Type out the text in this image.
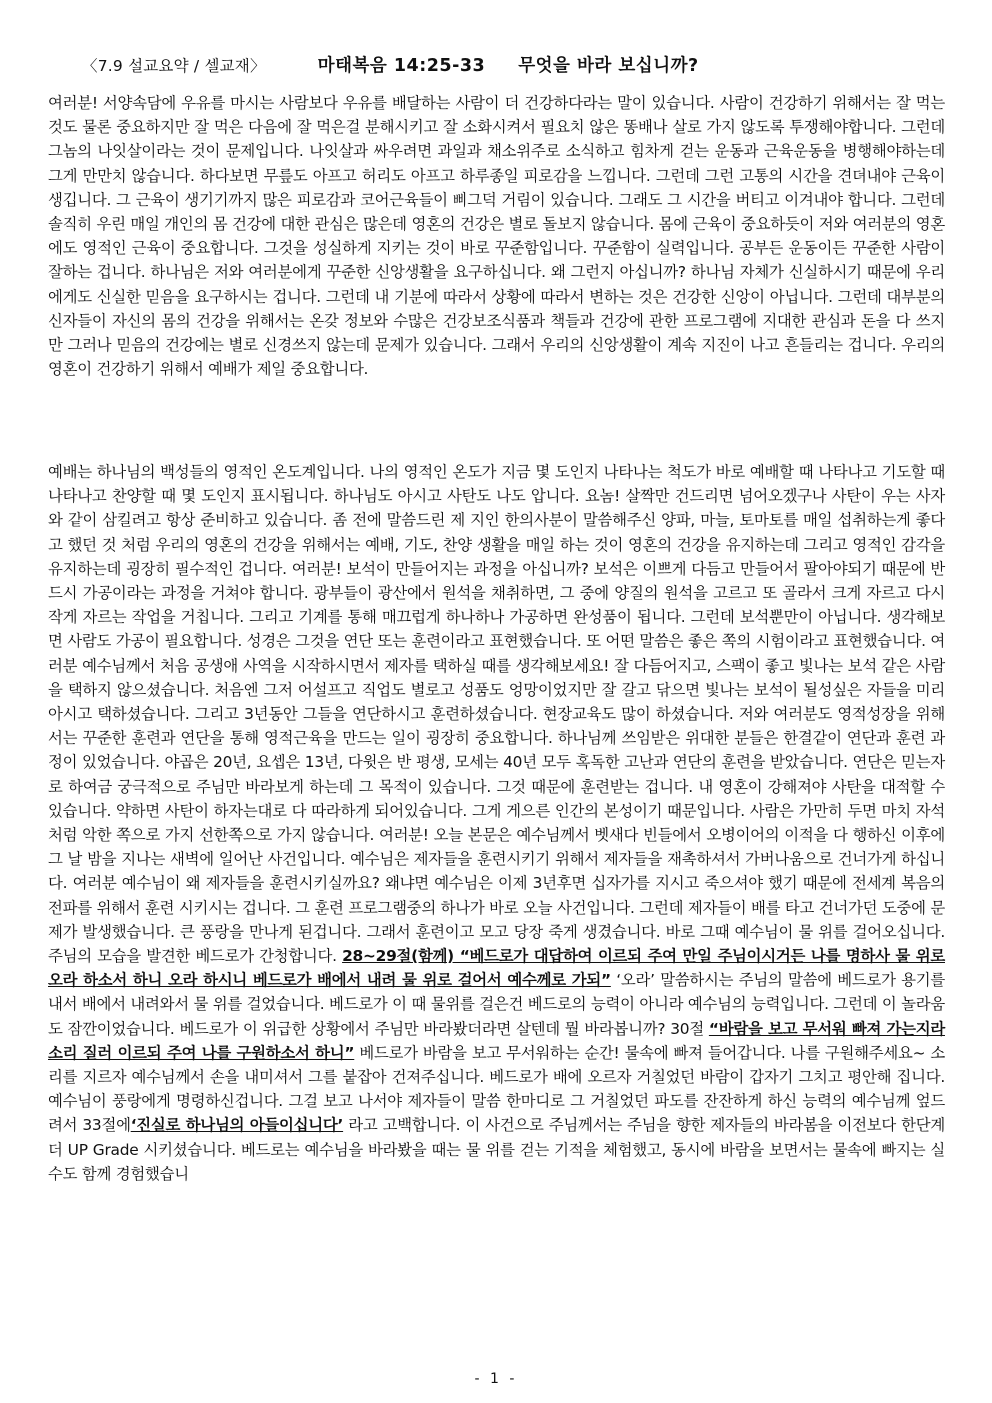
〈7.9 설교요약 / 셀교재〉	마태복음 14:25-33 무엇을 바라 보십니까?

여러분! 서양속담에 우유를 마시는 사람보다 우유를 배달하는 사람이 더 건강하다라는 말이 있습니다. 사람이 건강하기 위해서는 잘 먹는것도 물론 중요하지만 잘 먹은 다음에 잘 먹은걸 분해시키고 잘 소화시켜서 필요치 않은 똥배나 살로 가지 않도록 투쟁해야합니다. 그런데 그놈의 나잇살이라는 것이 문제입니다. 나잇살과 싸우려면 과일과 채소위주로 소식하고 힘차게 걷는 운동과 근육운동을 병행해야하는데 그게 만만치 않습니다. 하다보면 무릎도 아프고 허리도 아프고 하루종일 피로감을 느낍니다. 그런데 그런 고통의 시간을 견뎌내야 근육이 생깁니다. 그 근육이 생기기까지 많은 피로감과 코어근육들이 삐그덕 거림이 있습니다. 그래도 그 시간을 버티고 이겨내야 합니다. 그런데 솔직히 우린 매일 개인의 몸 건강에 대한 관심은 많은데 영혼의 건강은 별로 돌보지 않습니다. 몸에 근육이 중요하듯이 저와 여러분의 영혼에도 영적인 근육이 중요합니다. 그것을 성실하게 지키는 것이 바로 꾸준함입니다. 꾸준함이 실력입니다. 공부든 운동이든 꾸준한 사람이 잘하는 겁니다. 하나님은 저와 여러분에게 꾸준한 신앙생활을 요구하십니다. 왜 그런지 아십니까? 하나님 자체가 신실하시기 때문에 우리에게도 신실한 믿음을 요구하시는 겁니다. 그런데 내 기분에 따라서 상황에 따라서 변하는 것은 건강한 신앙이 아닙니다. 그런데 대부분의 신자들이 자신의 몸의 건강을 위해서는 온갖 정보와 수많은 건강보조식품과 책들과 건강에 관한 프로그램에 지대한 관심과 돈을 다 쓰지만 그러나 믿음의 건강에는 별로 신경쓰지 않는데 문제가 있습니다. 그래서 우리의 신앙생활이 계속 지진이 나고 흔들리는 겁니다. 우리의 영혼이 건강하기 위해서 예배가 제일 중요합니다.

예배는 하나님의 백성들의 영적인 온도계입니다. 나의 영적인 온도가 지금 몇 도인지 나타나는 척도가 바로 예배할 때 나타나고 기도할 때 나타나고 찬양할 때 몇 도인지 표시됩니다. 하나님도 아시고 사탄도 나도 압니다. 요놈! 살짝만 건드리면 넘어오겠구나 사탄이 우는 사자와 같이 삼킬려고 항상 준비하고 있습니다. 좀 전에 말씀드린 제 지인 한의사분이 말씀해주신 양파, 마늘, 토마토를 매일 섭취하는게 좋다고 했던 것 처럼 우리의 영혼의 건강을 위해서는 예배, 기도, 찬양 생활을 매일 하는 것이 영혼의 건강을 유지하는데 그리고 영적인 감각을 유지하는데 굉장히 필수적인 겁니다. 여러분! 보석이 만들어지는 과정을 아십니까? 보석은 이쁘게 다듬고 만들어서 팔아야되기 때문에 반드시 가공이라는 과정을 거쳐야 합니다. 광부들이 광산에서 원석을 채취하면, 그 중에 양질의 원석을 고르고 또 골라서 크게 자르고 다시 작게 자르는 작업을 거칩니다. 그리고 기계를 통해 매끄럽게 하나하나 가공하면 완성품이 됩니다. 그런데 보석뿐만이 아닙니다. 생각해보면 사람도 가공이 필요합니다. 성경은 그것을 연단 또는 훈련이라고 표현했습니다. 또 어떤 말씀은 좋은 쪽의 시험이라고 표현했습니다. 여러분 예수님께서 처음 공생애 사역을 시작하시면서 제자를 택하실 때를 생각해보세요! 잘 다듬어지고, 스팩이 좋고 빛나는 보석 같은 사람을 택하지 않으셨습니다. 처음엔 그저 어설프고 직업도 별로고 성품도 엉망이었지만 잘 갈고 닦으면 빛나는 보석이 될성싶은 자들을 미리 아시고 택하셨습니다. 그리고 3년동안 그들을 연단하시고 훈련하셨습니다. 현장교육도 많이 하셨습니다. 저와 여러분도 영적성장을 위해서는 꾸준한 훈련과 연단을 통해 영적근육을 만드는 일이 굉장히 중요합니다. 하나님께 쓰임받은 위대한 분들은 한결같이 연단과 훈련 과정이 있었습니다. 야곱은 20년, 요셉은 13년, 다윗은 반 평생, 모세는 40년 모두 혹독한 고난과 연단의 훈련을 받았습니다. 연단은 믿는자로 하여금 궁극적으로 주님만 바라보게 하는데 그 목적이 있습니다. 그것 때문에 훈련받는 겁니다. 내 영혼이 강해져야 사탄을 대적할 수 있습니다. 약하면 사탄이 하자는대로 다 따라하게 되어있습니다. 그게 게으른 인간의 본성이기 때문입니다. 사람은 가만히 두면 마치 자석처럼 악한 쪽으로 가지 선한쪽으로 가지 않습니다. 여러분! 오늘 본문은 예수님께서 벳새다 빈들에서 오병이어의 이적을 다 행하신 이후에 그 날 밤을 지나는 새벽에 일어난 사건입니다. 예수님은 제자들을 훈련시키기 위해서 제자들을 재촉하셔서 가버나움으로 건너가게 하십니다. 여러분 예수님이 왜 제자들을 훈련시키실까요? 왜냐면 예수님은 이제 3년후면 십자가를 지시고 죽으셔야 했기 때문에 전세계 복음의 전파를 위해서 훈련 시키시는 겁니다. 그 훈련 프로그램중의 하나가 바로 오늘 사건입니다. 그런데 제자들이 배를 타고 건너가던 도중에 문제가 발생했습니다. 큰 풍랑을 만나게 된겁니다. 그래서 훈련이고 모고 당장 죽게 생겼습니다. 바로 그때 예수님이 물 위를 걸어오십니다. 주님의 모습을 발견한 베드로가 간청합니다. 28~29절(함께) “베드로가 대답하여 이르되 주여 만일 주님이시거든 나를 명하사 물 위로 오라 하소서 하니 오라 하시니 베드로가 배에서 내려 물 위로 걸어서 예수께로 가되” ‘오라’ 말씀하시는 주님의 말씀에 베드로가 용기를 내서 배에서 내려와서 물 위를 걸었습니다. 베드로가 이 때 물위를 걸은건 베드로의 능력이 아니라 예수님의 능력입니다. 그런데 이 놀라움도 잠깐이었습니다. 베드로가 이 위급한 상황에서 주님만 바라봤더라면 살텐데 뭘 바라봅니까? 30절 “바람을 보고 무서워 빠져 가는지라 소리 질러 이르되 주여 나를 구원하소서 하니” 베드로가 바람을 보고 무서워하는 순간! 물속에 빠져 들어갑니다. 나를 구원해주세요~ 소리를 지르자 예수님께서 손을 내미셔서 그를 붙잡아 건져주십니다. 베드로가 배에 오르자 거칠었던 바람이 갑자기 그치고 평안해 집니다. 예수님이 풍랑에게 명령하신겁니다. 그걸 보고 나서야 제자들이 말씀 한마디로 그 거칠었던 파도를 잔잔하게 하신 능력의 예수님께 엎드려서 33절에‘진실로 하나님의 아들이십니다’ 라고 고백합니다. 이 사건으로 주님께서는 주님을 향한 제자들의 바라봄을 이전보다 한단계 더 UP Grade 시키셨습니다. 베드로는 예수님을 바라봤을 때는 물 위를 걷는 기적을 체험했고, 동시에 바람을 보면서는 물속에 빠지는 실수도 함께 경험했습니

- 1 -
